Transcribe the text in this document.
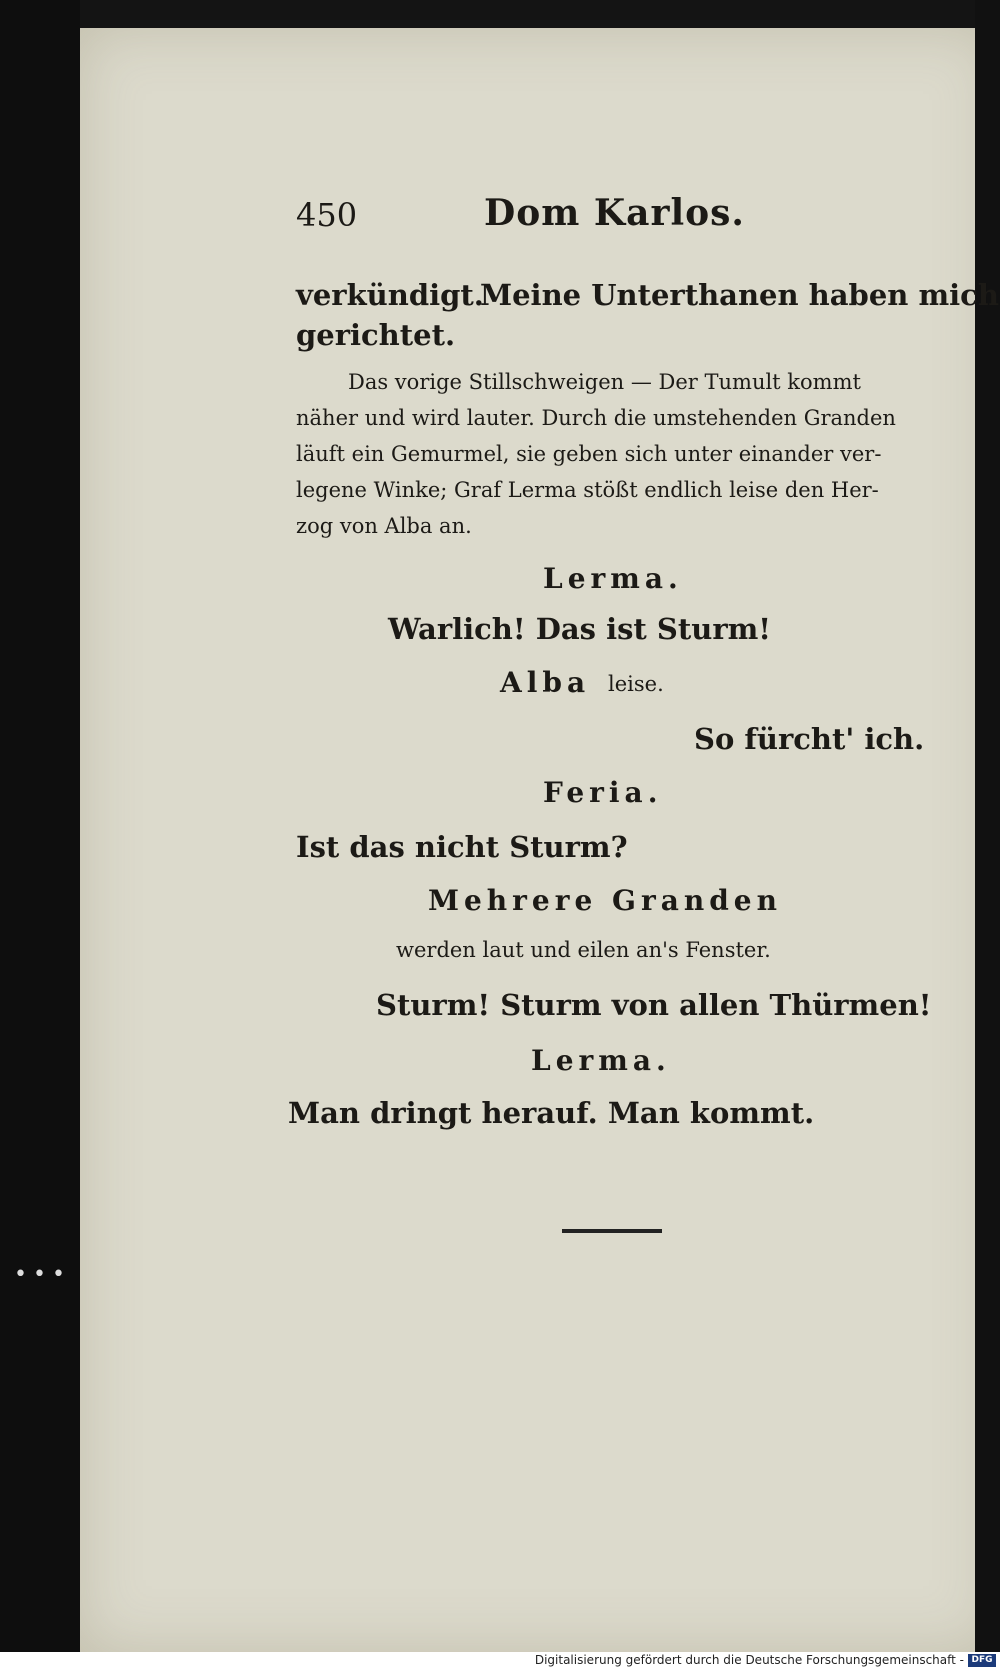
•••
450	Dom Karlos.
verkündigt.
Meine Unterthanen haben mich
gerichtet.
Das vorige Stillschweigen — Der Tumult kommt
näher und wird lauter. Durch die umstehenden Granden
läuft ein Gemurmel, sie geben sich unter einander ver-
legene Winke; Graf Lerma stößt endlich leise den Her-
zog von Alba an.
Lerma.
Warlich! Das ist Sturm!
Alba leise.
So fürcht' ich.
Feria.
Ist das nicht Sturm?
Mehrere Granden
werden laut und eilen an's Fenster.
Sturm! Sturm von allen Thürmen!
Lerma.
Man dringt herauf. Man kommt.
Digitalisierung gefördert durch die Deutsche Forschungsgemeinschaft - DFG
